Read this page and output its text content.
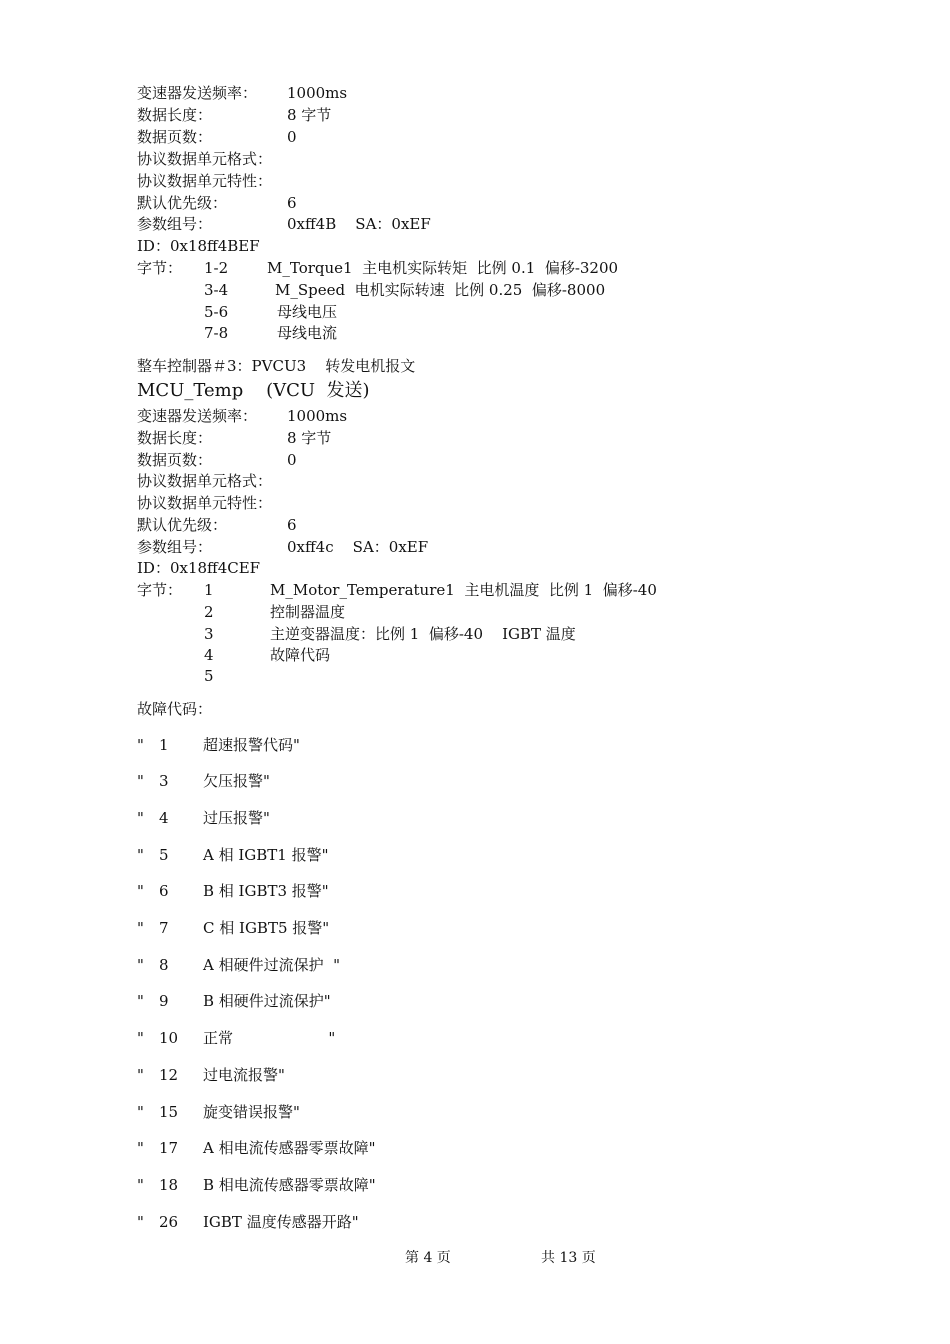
变速器发送频率： 1000ms
数据长度：	8 字节
数据页数：	0
协议数据单元格式：
协议数据单元特性：
默认优先级：	6
参数组号：	0xff4B    SA：0xEF
ID：0x18ff4BEF
字节： 1-2	M_Torque1  主电机实际转矩  比例 0.1  偏移-3200
3-4	M_Speed  电机实际转速  比例 0.25  偏移-8000
5-6	母线电压
7-8	母线电流
整车控制器＃3：PVCU3    转发电机报文
MCU_Temp    (VCU  发送)
变速器发送频率： 1000ms
数据长度：	8 字节
数据页数：	0
协议数据单元格式：
协议数据单元特性：
默认优先级：	6
参数组号：	0xff4c    SA：0xEF
ID：0x18ff4CEF
字节： 1	M_Motor_Temperature1  主电机温度  比例 1  偏移-40
2	控制器温度
3	主逆变器温度：比例 1  偏移-40    IGBT 温度
4	故障代码
5
故障代码：
" 1 超速报警代码"
" 3 欠压报警"
" 4 过压报警"
" 5 A 相 IGBT1 报警"
" 6 B 相 IGBT3 报警"
" 7 C 相 IGBT5 报警"
" 8 A 相硬件过流保护  "
" 9 B 相硬件过流保护"
" 10 正常                    "
" 12 过电流报警"
" 15 旋变错误报警"
" 17 A 相电流传感器零票故障"
" 18 B 相电流传感器零票故障"
" 26 IGBT 温度传感器开路"
第 4 页	共 13 页
